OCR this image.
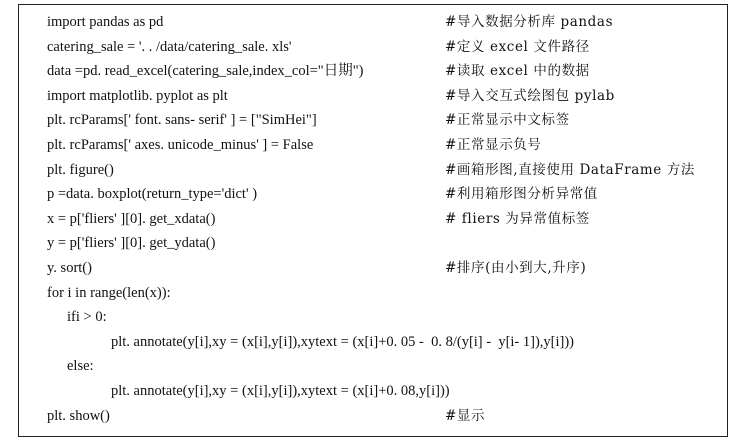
import pandas as pd	#导入数据分析库 pandas
catering_sale = '. . /data/catering_sale. xls'	#定义 excel 文件路径
data =pd. read_excel(catering_sale,index_col="日期")	#读取 excel 中的数据
import matplotlib. pyplot as plt	#导入交互式绘图包 pylab
plt. rcParams[' font. sans- serif' ] = ["SimHei"]	#正常显示中文标签
plt. rcParams[' axes. unicode_minus' ] = False	#正常显示负号
plt. figure()	#画箱形图,直接使用 DataFrame 方法
p =data. boxplot(return_type='dict' )	#利用箱形图分析异常值
x = p['fliers' ][0]. get_xdata()	# fliers 为异常值标签
y = p['fliers' ][0]. get_ydata()
y. sort()	#排序(由小到大,升序)
for i in range(len(x)):
ifi > 0:
plt. annotate(y[i],xy = (x[i],y[i]),xytext = (x[i]+0. 05 -  0. 8/(y[i] -  y[i- 1]),y[i]))
else:
plt. annotate(y[i],xy = (x[i],y[i]),xytext = (x[i]+0. 08,y[i]))
plt. show()	#显示
